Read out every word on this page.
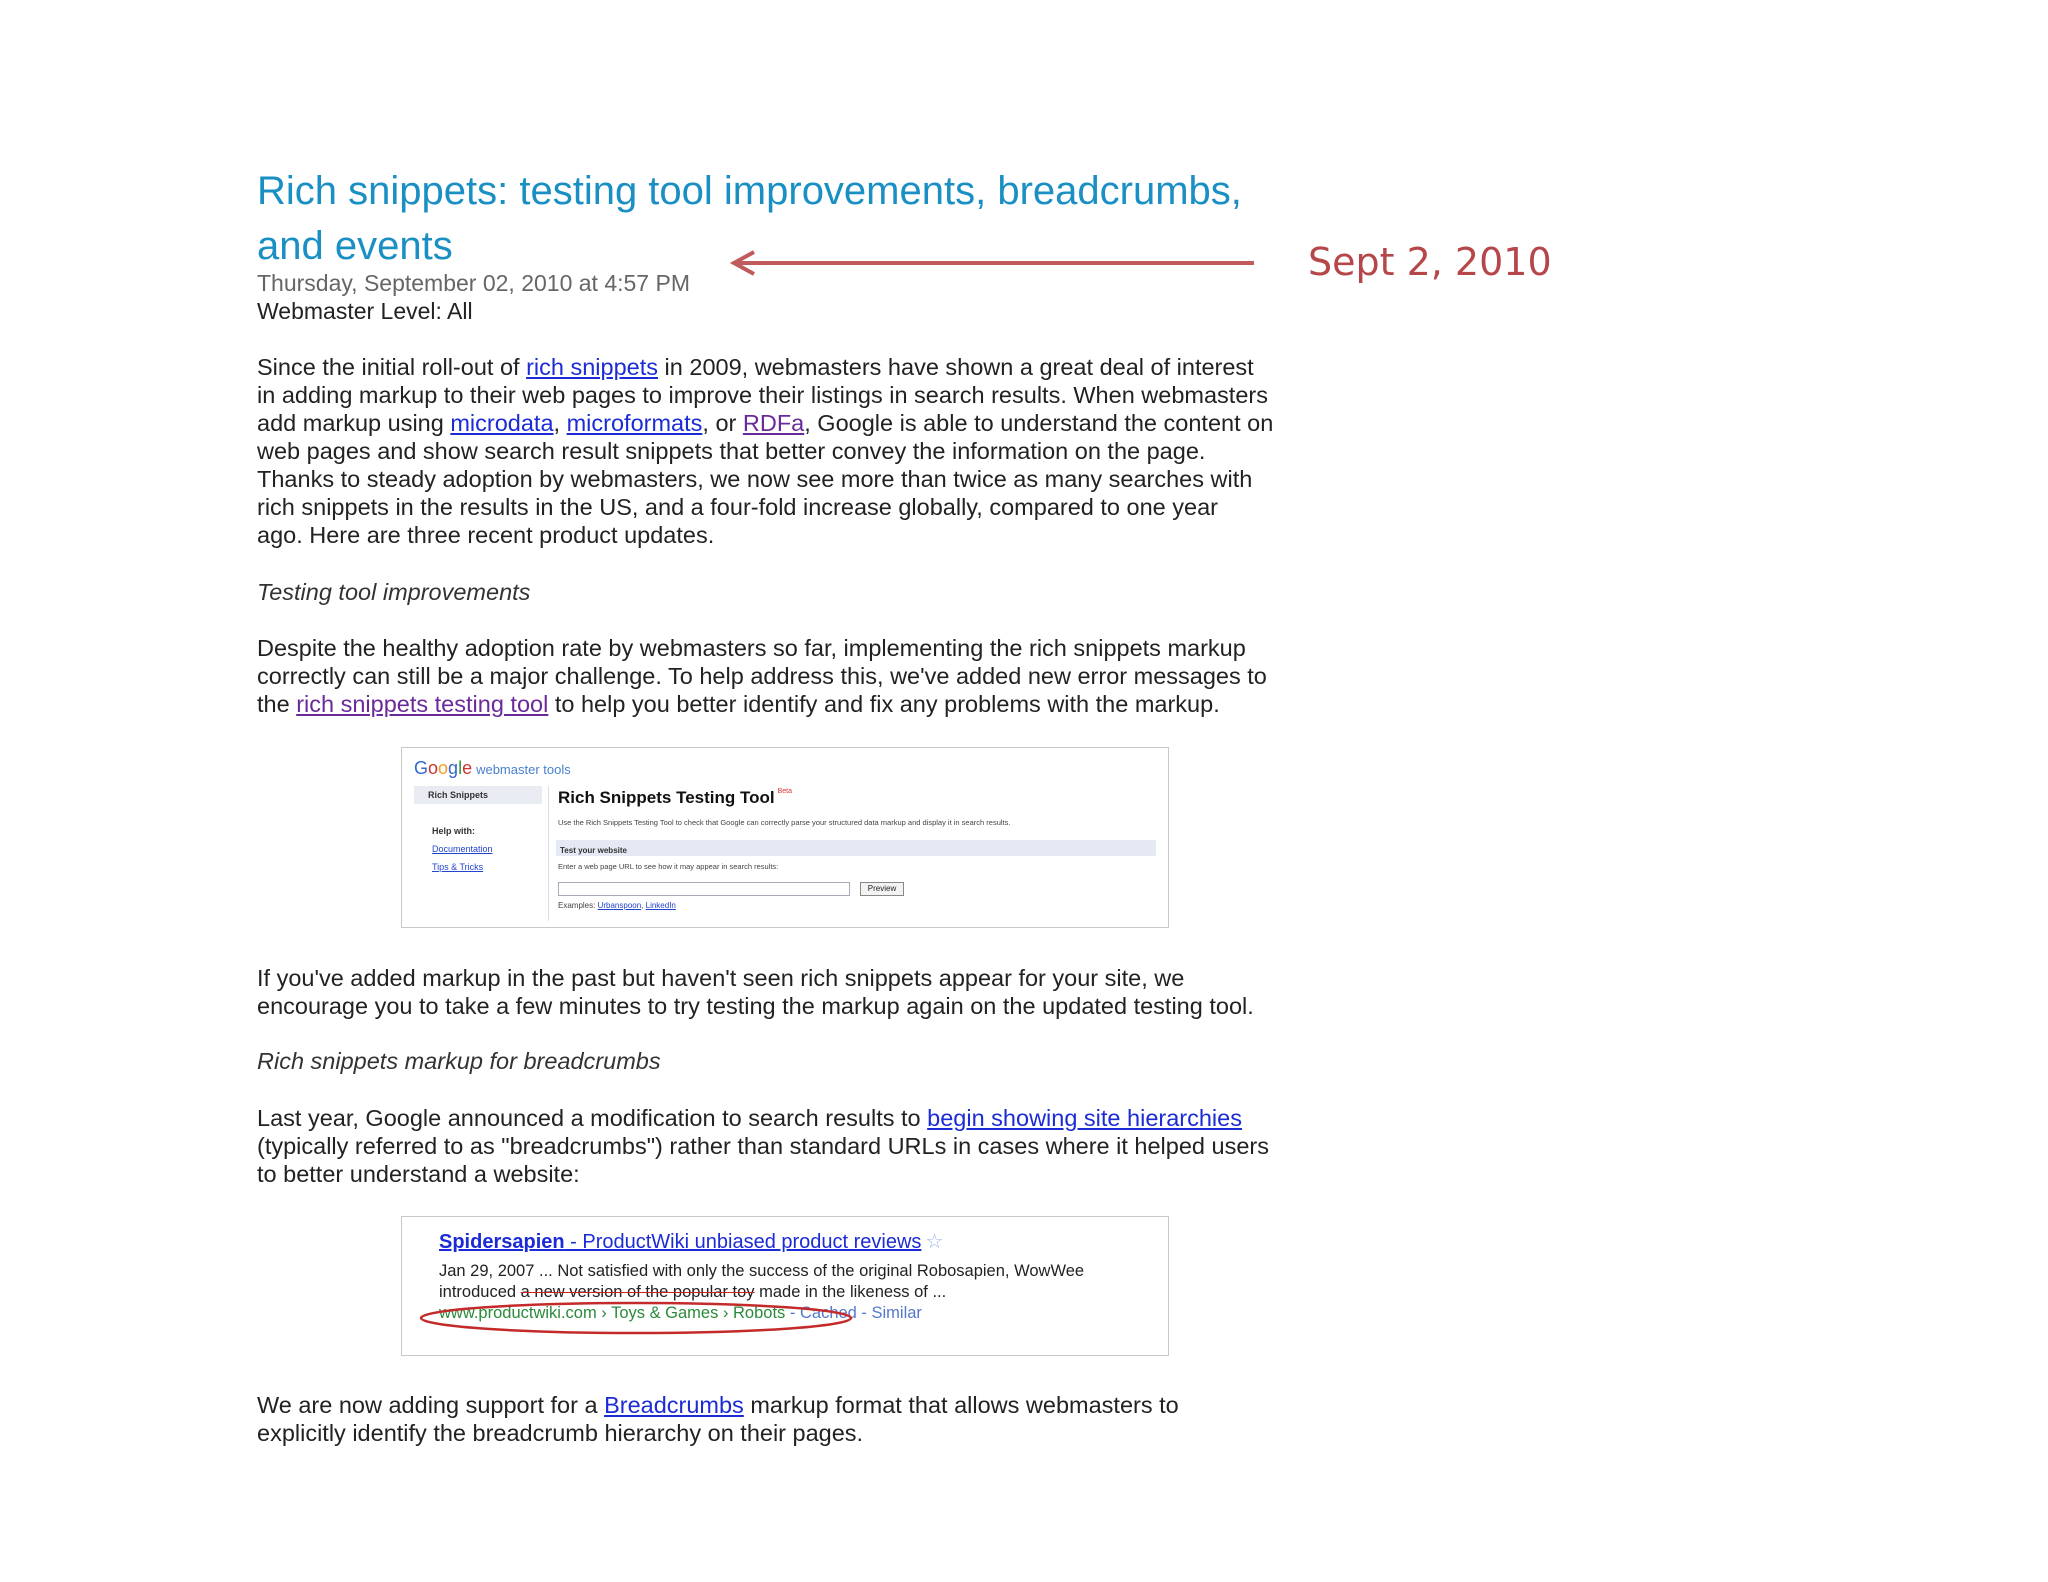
Rich snippets: testing tool improvements, breadcrumbs, and events
Thursday, September 02, 2010 at 4:57 PM
Webmaster Level: All
Sept 2, 2010

Since the initial roll-out of rich snippets in 2009, webmasters have shown a great deal of interest
in adding markup to their web pages to improve their listings in search results. When webmasters
add markup using microdata, microformats, or RDFa, Google is able to understand the content on
web pages and show search result snippets that better convey the information on the page.
Thanks to steady adoption by webmasters, we now see more than twice as many searches with
rich snippets in the results in the US, and a four-fold increase globally, compared to one year
ago. Here are three recent product updates.

Testing tool improvements

Despite the healthy adoption rate by webmasters so far, implementing the rich snippets markup
correctly can still be a major challenge. To help address this, we've added new error messages to
the rich snippets testing tool to help you better identify and fix any problems with the markup.

Google webmaster tools
Rich Snippets
Help with:
Documentation
Tips & Tricks
Rich Snippets Testing Tool $^{Beta}$
Use the Rich Snippets Testing Tool to check that Google can correctly parse your structured data markup and display it in search results.
Test your website
Enter a web page URL to see how it may appear in search results:
Preview
Examples: Urbanspoon, LinkedIn

If you've added markup in the past but haven't seen rich snippets appear for your site, we
encourage you to take a few minutes to try testing the markup again on the updated testing tool.

Rich snippets markup for breadcrumbs

Last year, Google announced a modification to search results to begin showing site hierarchies
(typically referred to as "breadcrumbs") rather than standard URLs in cases where it helped users
to better understand a website:

Spidersapien - ProductWiki unbiased product reviews ☆
Jan 29, 2007 ... Not satisfied with only the success of the original Robosapien, WowWee
introduced a new version of the popular toy made in the likeness of ...
www.productwiki.com › Toys & Games › Robots - Cached - Similar

We are now adding support for a Breadcrumbs markup format that allows webmasters to
explicitly identify the breadcrumb hierarchy on their pages.
